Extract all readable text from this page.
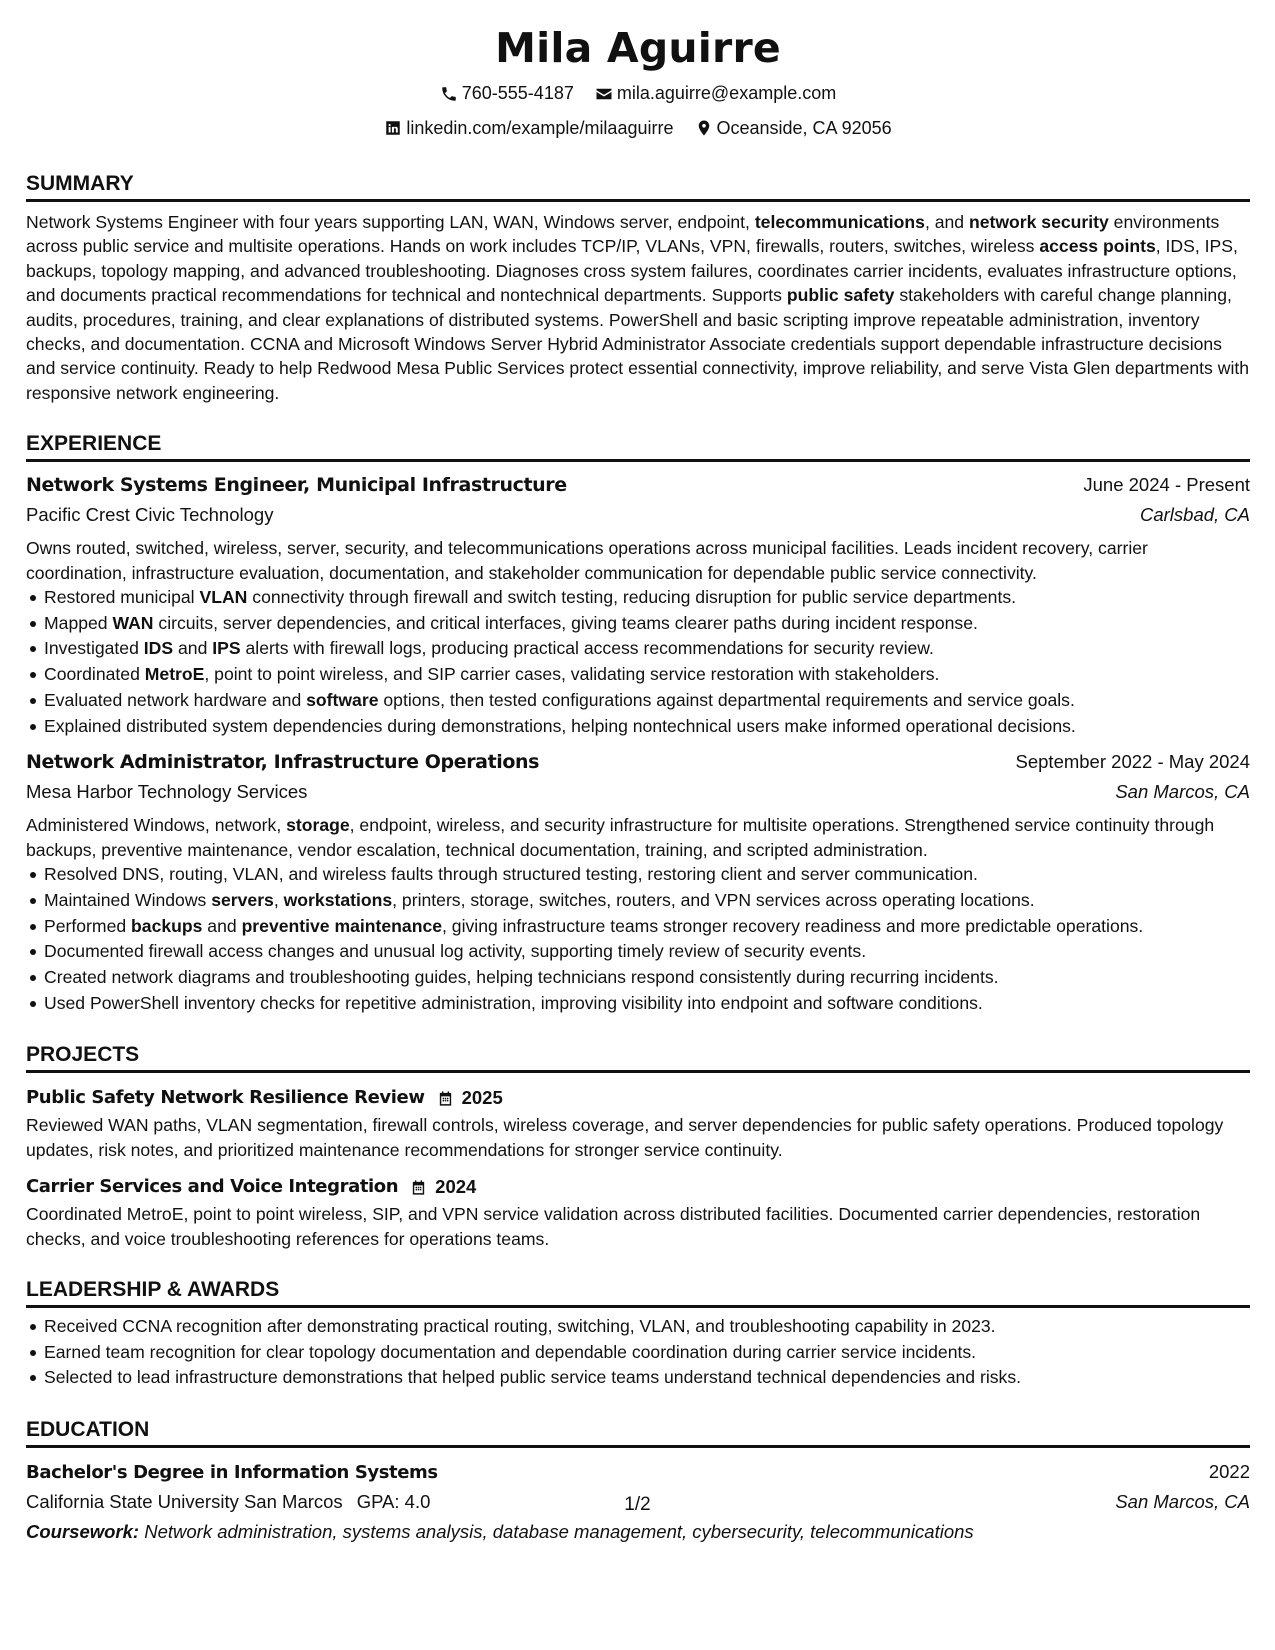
Mila Aguirre
760-555-4187
mila.aguirre@example.com
linkedin.com/example/milaaguirre
Oceanside, CA 92056
SUMMARY
Network Systems Engineer with four years supporting LAN, WAN, Windows server, endpoint, telecommunications, and network security environments across public service and multisite operations. Hands on work includes TCP/IP, VLANs, VPN, firewalls, routers, switches, wireless access points, IDS, IPS, backups, topology mapping, and advanced troubleshooting. Diagnoses cross system failures, coordinates carrier incidents, evaluates infrastructure options, and documents practical recommendations for technical and nontechnical departments. Supports public safety stakeholders with careful change planning, audits, procedures, training, and clear explanations of distributed systems. PowerShell and basic scripting improve repeatable administration, inventory checks, and documentation. CCNA and Microsoft Windows Server Hybrid Administrator Associate credentials support dependable infrastructure decisions and service continuity. Ready to help Redwood Mesa Public Services protect essential connectivity, improve reliability, and serve Vista Glen departments with responsive network engineering.
EXPERIENCE
Network Systems Engineer, Municipal Infrastructure	June 2024 - Present
Pacific Crest Civic Technology	Carlsbad, CA
Owns routed, switched, wireless, server, security, and telecommunications operations across municipal facilities. Leads incident recovery, carrier coordination, infrastructure evaluation, documentation, and stakeholder communication for dependable public service connectivity.
Restored municipal VLAN connectivity through firewall and switch testing, reducing disruption for public service departments.
Mapped WAN circuits, server dependencies, and critical interfaces, giving teams clearer paths during incident response.
Investigated IDS and IPS alerts with firewall logs, producing practical access recommendations for security review.
Coordinated MetroE, point to point wireless, and SIP carrier cases, validating service restoration with stakeholders.
Evaluated network hardware and software options, then tested configurations against departmental requirements and service goals.
Explained distributed system dependencies during demonstrations, helping nontechnical users make informed operational decisions.
Network Administrator, Infrastructure Operations	September 2022 - May 2024
Mesa Harbor Technology Services	San Marcos, CA
Administered Windows, network, storage, endpoint, wireless, and security infrastructure for multisite operations. Strengthened service continuity through backups, preventive maintenance, vendor escalation, technical documentation, training, and scripted administration.
Resolved DNS, routing, VLAN, and wireless faults through structured testing, restoring client and server communication.
Maintained Windows servers, workstations, printers, storage, switches, routers, and VPN services across operating locations.
Performed backups and preventive maintenance, giving infrastructure teams stronger recovery readiness and more predictable operations.
Documented firewall access changes and unusual log activity, supporting timely review of security events.
Created network diagrams and troubleshooting guides, helping technicians respond consistently during recurring incidents.
Used PowerShell inventory checks for repetitive administration, improving visibility into endpoint and software conditions.
PROJECTS
Public Safety Network Resilience Review 2025
Reviewed WAN paths, VLAN segmentation, firewall controls, wireless coverage, and server dependencies for public safety operations. Produced topology updates, risk notes, and prioritized maintenance recommendations for stronger service continuity.
Carrier Services and Voice Integration 2024
Coordinated MetroE, point to point wireless, SIP, and VPN service validation across distributed facilities. Documented carrier dependencies, restoration checks, and voice troubleshooting references for operations teams.
LEADERSHIP & AWARDS
Received CCNA recognition after demonstrating practical routing, switching, VLAN, and troubleshooting capability in 2023.
Earned team recognition for clear topology documentation and dependable coordination during carrier service incidents.
Selected to lead infrastructure demonstrations that helped public service teams understand technical dependencies and risks.
EDUCATION
Bachelor's Degree in Information Systems	2022
California State University San Marcos GPA: 4.0	San Marcos, CA
Coursework: Network administration, systems analysis, database management, cybersecurity, telecommunications
1/2
